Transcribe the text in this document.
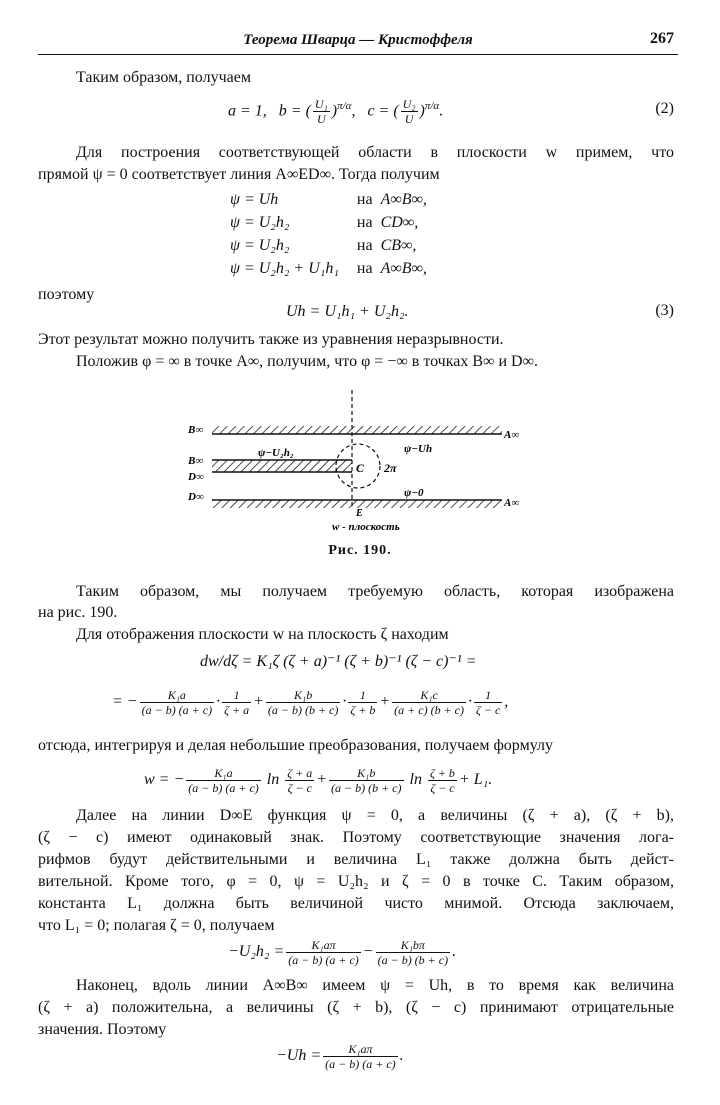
Теорема Шварца — Кристоффеля	267
Таким образом, получаем
a = 1, b = ( $\frac{\text{U₁}}{U} )^{\pi/\alpha}$,   c = ( $\frac{\text{U₂}}{U} )^{\pi/\alpha}$.	(2)
Для построения соответствующей области в плоскости w примем, что
прямой ψ = 0 соответствует линия A∞ED∞. Тогда получим
ψ = Uh	на	A∞B∞,
ψ = U₂h₂	на	CD∞,
ψ = U₂h₂	на	CB∞,
ψ = U₂h₂ + U₁h₁	на	A∞B∞,
поэтому
Uh = U₁h₁ + U₂h₂.	(3)
Этот результат можно получить также из уравнения неразрывности.
Положив φ = ∞ в точке A∞, получим, что φ = −∞ в точках B∞ и D∞.
B∞
B∞
D∞
D∞
A∞
A∞
ψ−U₂h₂	ψ−Uh
ψ−0
C 2π
E
w - плоскость
Рис. 190.
Таким образом, мы получаем требуемую область, которая изображена
на рис. 190.
Для отображения плоскости w на плоскость ζ находим
dw/dζ = K₁ζ (ζ + a)⁻¹ (ζ + b)⁻¹ (ζ − c)⁻¹ =
= − $\frac{\text{K₁a}}{(a - b) (a + c)} \cdot \frac{1}{\zeta + a} + \frac{\text{K₁b}}{(a - b) (b + c)} \cdot \frac{1}{\zeta + b} + \frac{\text{K₁c}}{(a + c) (b + c)} \cdot \frac{1}{\zeta - c}$ ,
отсюда, интегрируя и делая небольшие преобразования, получаем формулу
w = − $\frac{\text{K₁a}}{(a - b) (a + c)}$ $\ln \frac{\zeta + a}{\zeta - c} + \frac{\text{K₁b}}{(a - b) (b + c)}$ $\ln \frac{\zeta + b}{\zeta - c} + L_1$.
Далее на линии D∞E функция ψ = 0, а величины (ζ + a), (ζ + b),
(ζ − c) имеют одинаковый знак. Поэтому соответствующие значения лога-
рифмов будут действительными и величина L₁ также должна быть дейст-
вительной. Кроме того, φ = 0, ψ = U₂h₂ и ζ = 0 в точке C. Таким образом,
константа L₁ должна быть величиной чисто мнимой. Отсюда заключаем,
что L₁ = 0; полагая ζ = 0, получаем
$-U_2h_2 = \frac{\text{K₁aπ}}{(a - b) (a + c)} - \frac{\text{K₁bπ}}{(a - b) (b + c)}$ .
Наконец, вдоль линии A∞B∞ имеем ψ = Uh, в то время как величина
(ζ + a) положительна, а величины (ζ + b), (ζ − c) принимают отрицательные
значения. Поэтому
$-Uh = \frac{\text{K₁aπ}}{(a - b) (a + c)}$ .
